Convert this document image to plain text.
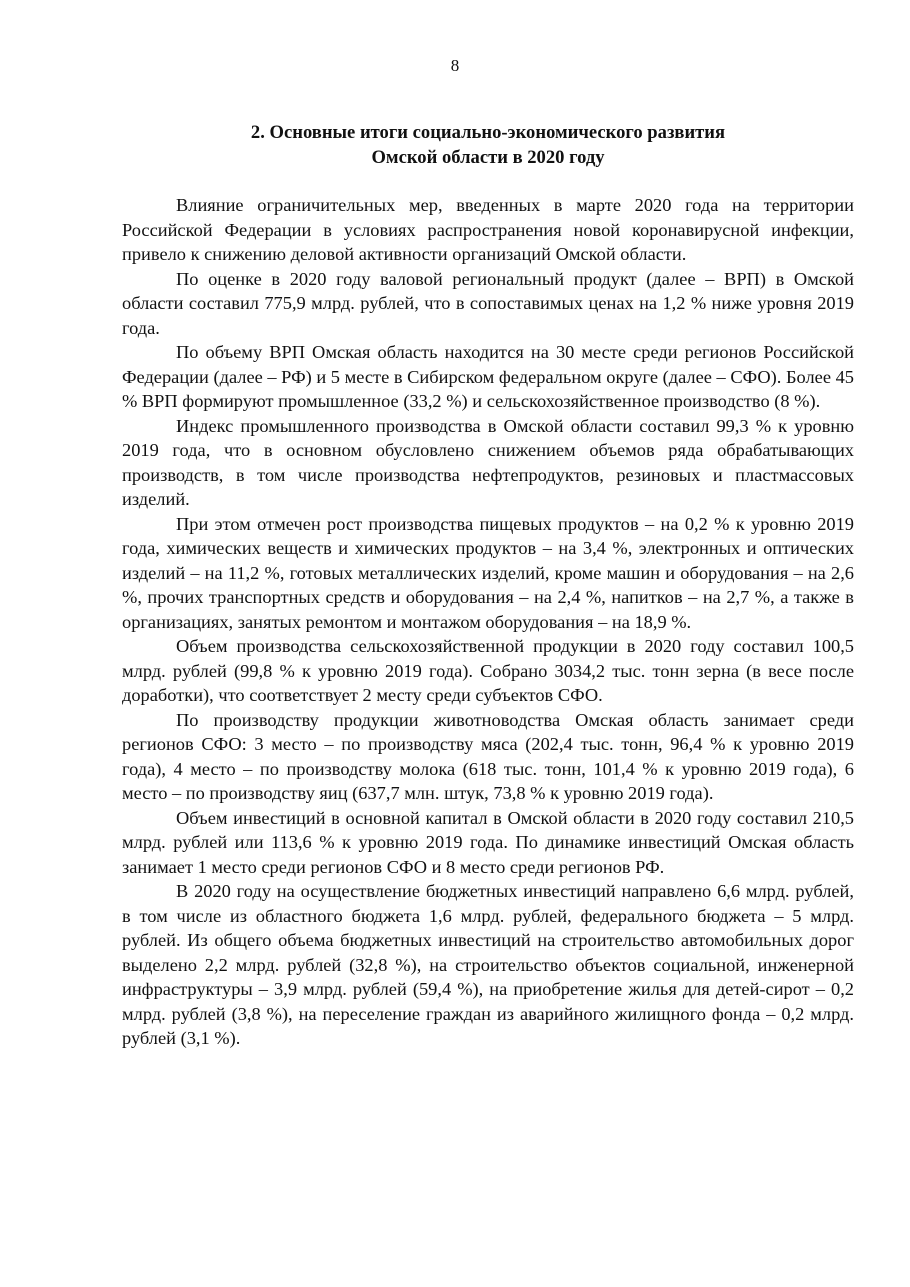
8
2. Основные итоги социально-экономического развития
Омской области в 2020 году

Влияние ограничительных мер, введенных в марте 2020 года на территории Российской Федерации в условиях распространения новой коронавирусной инфекции, привело к снижению деловой активности организаций Омской области.

По оценке в 2020 году валовой региональный продукт (далее – ВРП) в Омской области составил 775,9 млрд. рублей, что в сопоставимых ценах на 1,2 % ниже уровня 2019 года.

По объему ВРП Омская область находится на 30 месте среди регионов Российской Федерации (далее – РФ) и 5 месте в Сибирском федеральном округе (далее – СФО). Более 45 % ВРП формируют промышленное (33,2 %) и сельскохозяйственное производство (8 %).

Индекс промышленного производства в Омской области составил 99,3 % к уровню 2019 года, что в основном обусловлено снижением объемов ряда обрабатывающих производств, в том числе производства нефтепродуктов, резиновых и пластмассовых изделий.

При этом отмечен рост производства пищевых продуктов – на 0,2 % к уровню 2019 года, химических веществ и химических продуктов – на 3,4 %, электронных и оптических изделий – на 11,2 %, готовых металлических изделий, кроме машин и оборудования – на 2,6 %, прочих транспортных средств и оборудования – на 2,4 %, напитков – на 2,7 %, а также в организациях, занятых ремонтом и монтажом оборудования – на 18,9 %.

Объем производства сельскохозяйственной продукции в 2020 году составил 100,5 млрд. рублей (99,8 % к уровню 2019 года). Собрано 3034,2 тыс. тонн зерна (в весе после доработки), что соответствует 2 месту среди субъектов СФО.

По производству продукции животноводства Омская область занимает среди регионов СФО: 3 место – по производству мяса (202,4 тыс. тонн, 96,4 % к уровню 2019 года), 4 место – по производству молока (618 тыс. тонн, 101,4 % к уровню 2019 года), 6 место – по производству яиц (637,7 млн. штук, 73,8 % к уровню 2019 года).

Объем инвестиций в основной капитал в Омской области в 2020 году составил 210,5 млрд. рублей или 113,6 % к уровню 2019 года. По динамике инвестиций Омская область занимает 1 место среди регионов СФО и 8 место среди регионов РФ.

В 2020 году на осуществление бюджетных инвестиций направлено 6,6 млрд. рублей, в том числе из областного бюджета 1,6 млрд. рублей, федерального бюджета – 5 млрд. рублей. Из общего объема бюджетных инвестиций на строительство автомобильных дорог выделено 2,2 млрд. рублей (32,8 %), на строительство объектов социальной, инженерной инфраструктуры – 3,9 млрд. рублей (59,4 %), на приобретение жилья для детей-сирот – 0,2 млрд. рублей (3,8 %), на переселение граждан из аварийного жилищного фонда – 0,2 млрд. рублей (3,1 %).
